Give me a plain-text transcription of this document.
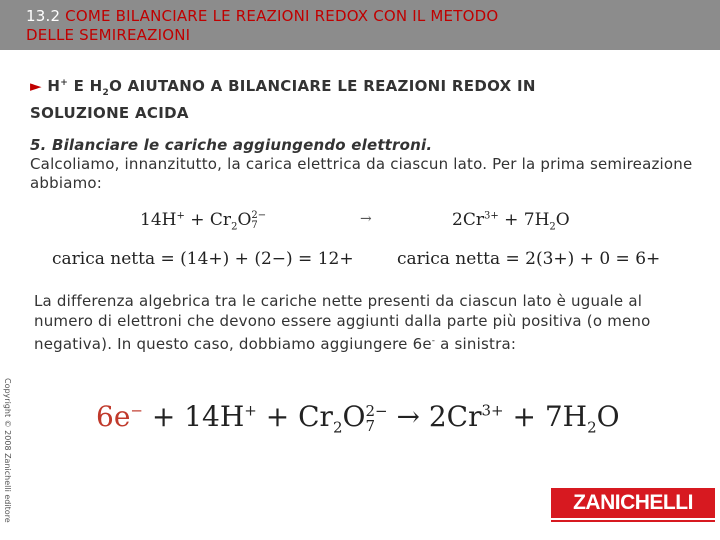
13.2 COME BILANCIARE LE REAZIONI REDOX CON IL METODO
DELLE SEMIREAZIONI
► H+ E $H_2O$ AIUTANO A BILANCIARE LE REAZIONI REDOX IN
SOLUZIONE ACIDA
5. Bilanciare le cariche aggiungendo elettroni.
Calcoliamo, innanzitutto, la carica elettrica da ciascun lato. Per la prima semireazione abbiamo:
$14H^+ + Cr_2O$ 2−
7	→	$2Cr^{3+} + 7H_2O$
carica netta = (14+) + (2−) = 12+	carica netta = 2(3+) + 0 = 6+
La differenza algebrica tra le cariche nette presenti da ciascun lato è uguale al numero di elettroni che devono essere aggiunti dalla parte più positiva (o meno negativa). In questo caso, dobbiamo aggiungere 6e- a sinistra:
Copyright © 2008 Zanichelli editore	$6e^- + 14H^+ + Cr_2O$ 2−
$7 \to 2Cr^{3+} + 7H_2O$
ZANICHELLI
